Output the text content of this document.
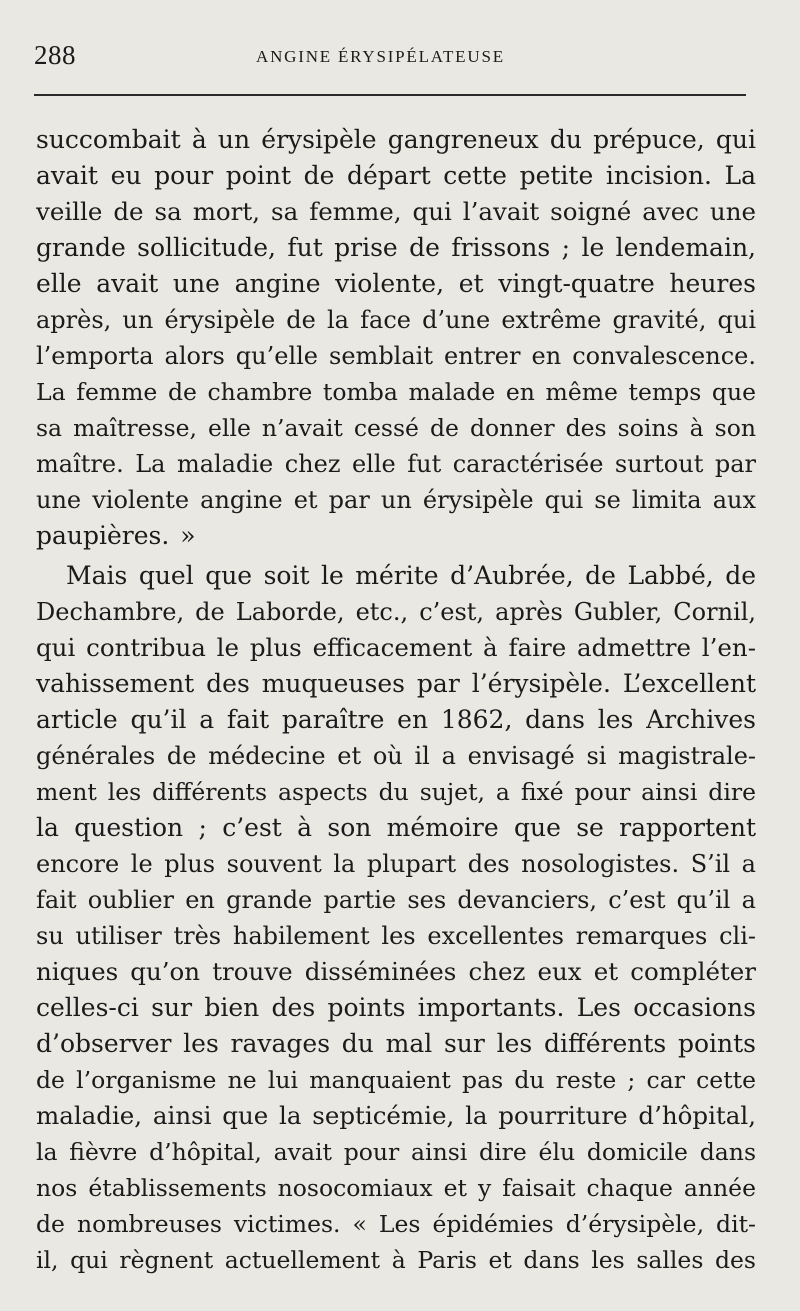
288	ANGINE ÉRYSIPÉLATEUSE
succombait à un érysipèle gangreneux du prépuce, qui
avait eu pour point de départ cette petite incision. La
veille de sa mort, sa femme, qui l’avait soigné avec une
grande sollicitude, fut prise de frissons ; le lendemain,
elle avait une angine violente, et vingt-quatre heures
après, un érysipèle de la face d’une extrême gravité, qui
l’emporta alors qu’elle semblait entrer en convalescence.
La femme de chambre tomba malade en même temps que
sa maîtresse, elle n’avait cessé de donner des soins à son
maître. La maladie chez elle fut caractérisée surtout par
une violente angine et par un érysipèle qui se limita aux
paupières. »
Mais quel que soit le mérite d’Aubrée, de Labbé, de
Dechambre, de Laborde, etc., c’est, après Gubler, Cornil,
qui contribua le plus efficacement à faire admettre l’en-
vahissement des muqueuses par l’érysipèle. L’excellent
article qu’il a fait paraître en 1862, dans les Archives
générales de médecine et où il a envisagé si magistrale-
ment les différents aspects du sujet, a fixé pour ainsi dire
la question ; c’est à son mémoire que se rapportent
encore le plus souvent la plupart des nosologistes. S’il a
fait oublier en grande partie ses devanciers, c’est qu’il a
su utiliser très habilement les excellentes remarques cli-
niques qu’on trouve disséminées chez eux et compléter
celles-ci sur bien des points importants. Les occasions
d’observer les ravages du mal sur les différents points
de l’organisme ne lui manquaient pas du reste ; car cette
maladie, ainsi que la septicémie, la pourriture d’hôpital,
la fièvre d’hôpital, avait pour ainsi dire élu domicile dans
nos établissements nosocomiaux et y faisait chaque année
de nombreuses victimes. « Les épidémies d’érysipèle, dit-
il, qui règnent actuellement à Paris et dans les salles des
